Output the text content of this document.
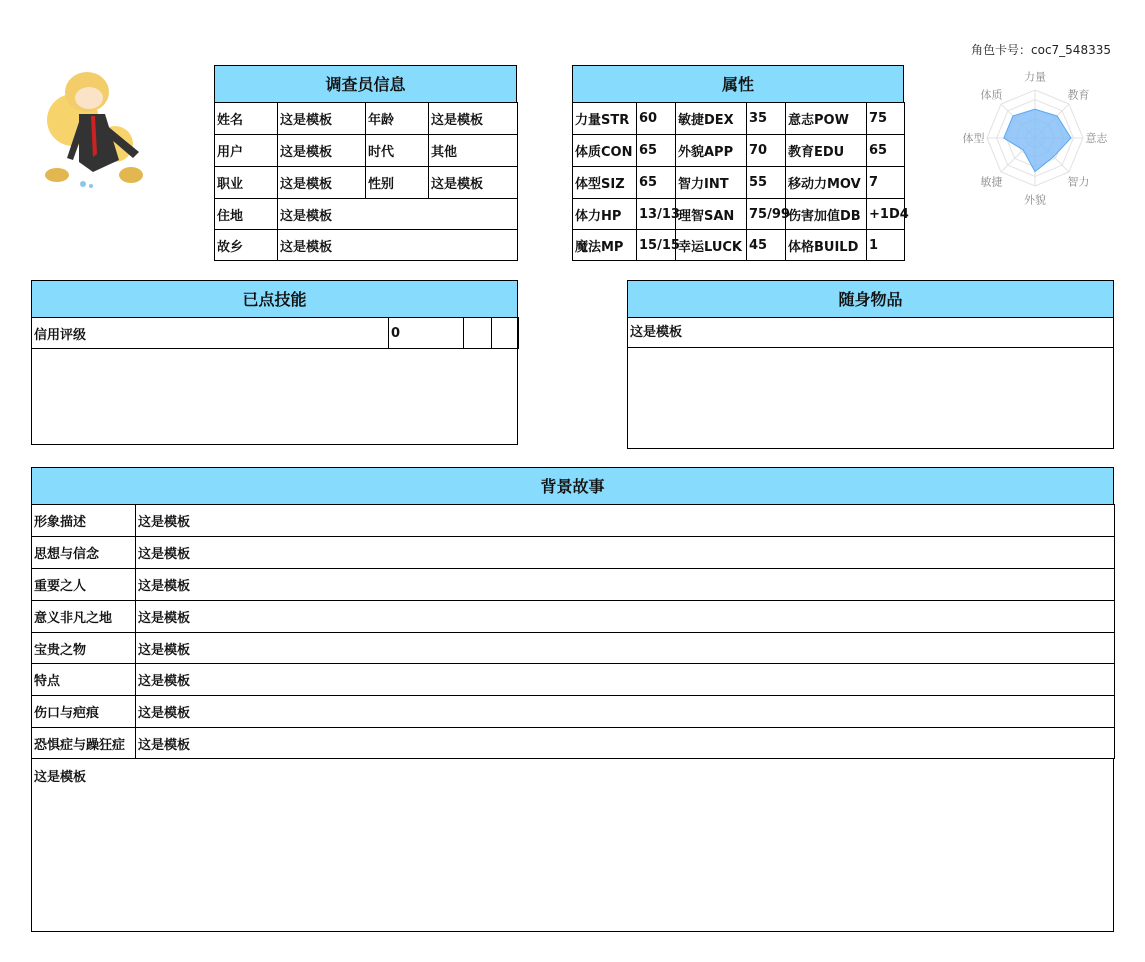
角色卡号：coc7_548335
调查员信息
姓名	这是模板	年龄	这是模板
用户	这是模板	时代	其他
职业	这是模板	性别	这是模板
住地	这是模板		
故乡	这是模板		
属性
力量STR	60	敏捷DEX	35	意志POW	75
体质CON	65	外貌APP	70	教育EDU	65
体型SIZ	65	智力INT	55	移动力MOV	7
体力HP	13/13	理智SAN	75/99	伤害加值DB	+1D4
魔法MP	15/15	幸运LUCK	45	体格BUILD	1
力量
教育
意志
智力
外貌
敏捷
体型
体质
已点技能
信用评级	0		
随身物品
这是模板
背景故事
形象描述	这是模板
思想与信念	这是模板
重要之人	这是模板
意义非凡之地	这是模板
宝贵之物	这是模板
特点	这是模板
伤口与疤痕	这是模板
恐惧症与躁狂症	这是模板
这是模板
